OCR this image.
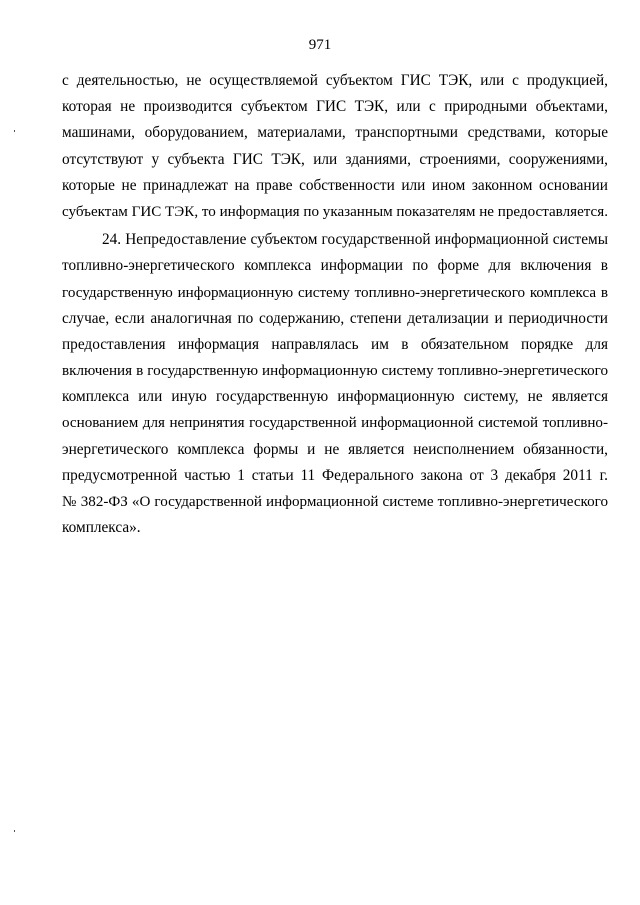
971
с деятельностью, не осуществляемой субъектом ГИС ТЭК, или с продукцией,
которая не производится субъектом ГИС ТЭК, или с природными объектами,
машинами, оборудованием, материалами, транспортными средствами, которые
отсутствуют у субъекта ГИС ТЭК, или зданиями, строениями, сооружениями,
которые не принадлежат на праве собственности или ином законном основании
субъектам ГИС ТЭК, то информация по указанным показателям не предоставляется.
24. Непредоставление субъектом государственной информационной системы
топливно-энергетического комплекса информации по форме для включения в
государственную информационную систему топливно-энергетического комплекса в
случае, если аналогичная по содержанию, степени детализации и периодичности
предоставления информация направлялась им в обязательном порядке для
включения в государственную информационную систему топливно-энергетического
комплекса или иную государственную информационную систему, не является
основанием для непринятия государственной информационной системой топливно-
энергетического комплекса формы и не является неисполнением обязанности,
предусмотренной частью 1 статьи 11 Федерального закона от 3 декабря 2011 г.
№ 382-ФЗ «О государственной информационной системе топливно-энергетического
комплекса».
